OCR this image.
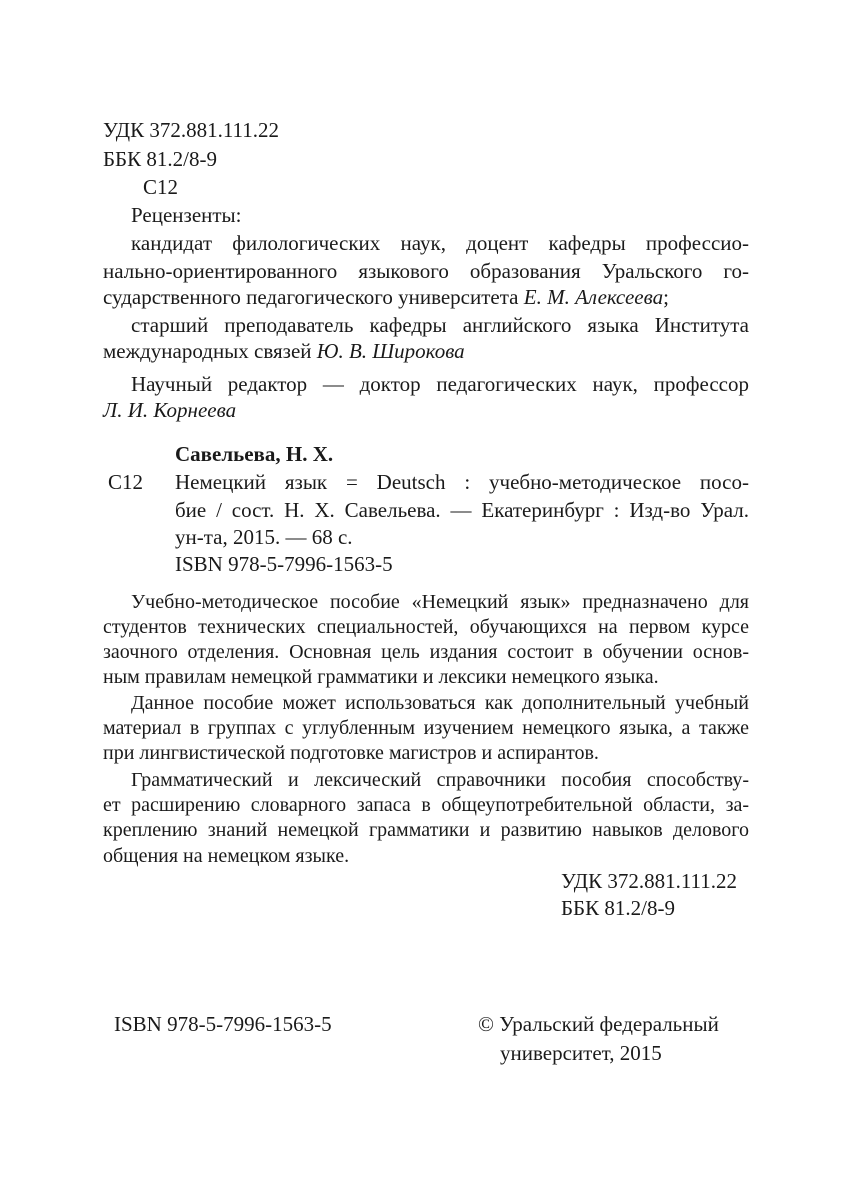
УДК 372.881.111.22
ББК 81.2/8-9
С12
Рецензенты:
кандидат филологических наук, доцент кафедры профессио-
нально-ориентированного языкового образования Уральского го-
сударственного педагогического университета Е. М. Алексеева;
старший преподаватель кафедры английского языка Института
международных связей Ю. В. Широкова
Научный редактор — доктор педагогических наук, профессор
Л. И. Корнеева
Савельева, Н. Х.
С12 Немецкий язык = Deutsch : учебно-методическое посо-
бие / сост. Н. Х. Савельева. — Екатеринбург : Изд-во Урал.
ун-та, 2015. — 68 с.
ISBN 978-5-7996-1563-5
Учебно-методическое пособие «Немецкий язык» предназначено для
студентов технических специальностей, обучающихся на первом курсе
заочного отделения. Основная цель издания состоит в обучении основ-
ным правилам немецкой грамматики и лексики немецкого языка.
Данное пособие может использоваться как дополнительный учебный
материал в группах с углубленным изучением немецкого языка, а также
при лингвистической подготовке магистров и аспирантов.
Грамматический и лексический справочники пособия способству-
ет расширению словарного запаса в общеупотребительной области, за-
креплению знаний немецкой грамматики и развитию навыков делового
общения на немецком языке.
УДК 372.881.111.22
ББК 81.2/8-9
ISBN 978-5-7996-1563-5	© Уральский федеральный
университет, 2015
